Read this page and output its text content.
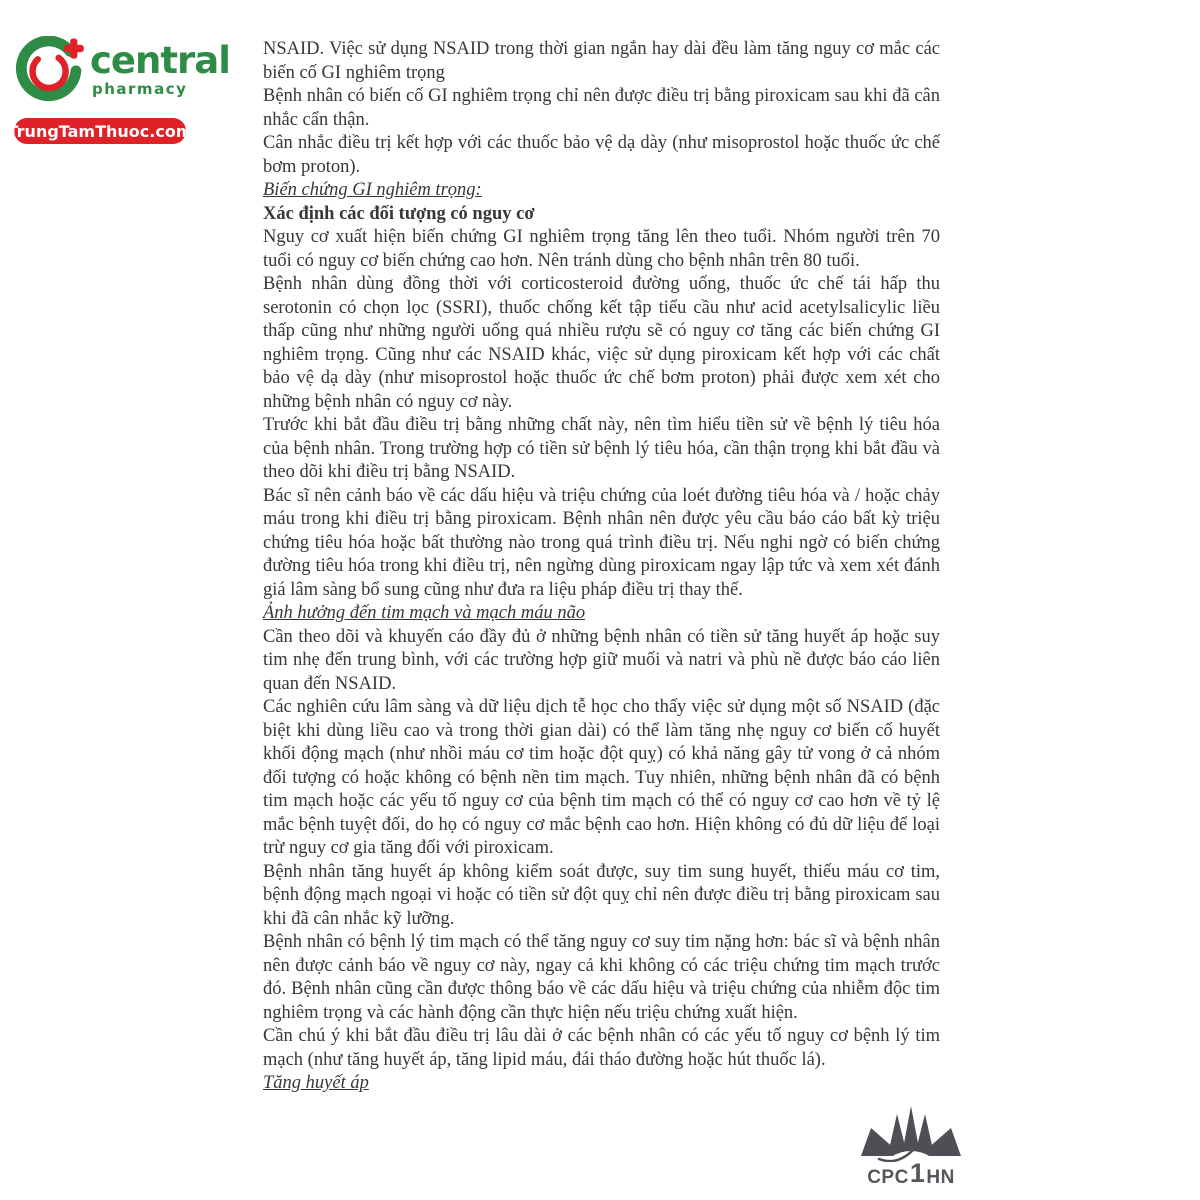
central
pharmacy
TrungTamThuoc.com

NSAID. Việc sử dụng NSAID trong thời gian ngắn hay dài đều làm tăng nguy cơ mắc các biến cố GI nghiêm trọng

Bệnh nhân có biến cố GI nghiêm trọng chỉ nên được điều trị bằng piroxicam sau khi đã cân nhắc cẩn thận.

Cân nhắc điều trị kết hợp với các thuốc bảo vệ dạ dày (như misoprostol hoặc thuốc ức chế bơm proton).

Biến chứng GI nghiêm trọng:

Xác định các đối tượng có nguy cơ

Nguy cơ xuất hiện biến chứng GI nghiêm trọng tăng lên theo tuổi. Nhóm người trên 70 tuổi có nguy cơ biến chứng cao hơn. Nên tránh dùng cho bệnh nhân trên 80 tuổi.

Bệnh nhân dùng đồng thời với corticosteroid đường uống, thuốc ức chế tái hấp thu serotonin có chọn lọc (SSRI), thuốc chống kết tập tiểu cầu như acid acetylsalicylic liều thấp cũng như những người uống quá nhiều rượu sẽ có nguy cơ tăng các biến chứng GI nghiêm trọng. Cũng như các NSAID khác, việc sử dụng piroxicam kết hợp với các chất bảo vệ dạ dày (như misoprostol hoặc thuốc ức chế bơm proton) phải được xem xét cho những bệnh nhân có nguy cơ này.

Trước khi bắt đầu điều trị bằng những chất này, nên tìm hiểu tiền sử về bệnh lý tiêu hóa của bệnh nhân. Trong trường hợp có tiền sử bệnh lý tiêu hóa, cần thận trọng khi bắt đầu và theo dõi khi điều trị bằng NSAID.

Bác sĩ nên cảnh báo về các dấu hiệu và triệu chứng của loét đường tiêu hóa và / hoặc chảy máu trong khi điều trị bằng piroxicam. Bệnh nhân nên được yêu cầu báo cáo bất kỳ triệu chứng tiêu hóa hoặc bất thường nào trong quá trình điều trị. Nếu nghi ngờ có biến chứng đường tiêu hóa trong khi điều trị, nên ngừng dùng piroxicam ngay lập tức và xem xét đánh giá lâm sàng bổ sung cũng như đưa ra liệu pháp điều trị thay thế.

Ảnh hưởng đến tim mạch và mạch máu não

Cần theo dõi và khuyến cáo đầy đủ ở những bệnh nhân có tiền sử tăng huyết áp hoặc suy tim nhẹ đến trung bình, với các trường hợp giữ muối và natri và phù nề được báo cáo liên quan đến NSAID.

Các nghiên cứu lâm sàng và dữ liệu dịch tễ học cho thấy việc sử dụng một số NSAID (đặc biệt khi dùng liều cao và trong thời gian dài) có thể làm tăng nhẹ nguy cơ biến cố huyết khối động mạch (như nhồi máu cơ tim hoặc đột quỵ) có khả năng gây tử vong ở cả nhóm đối tượng có hoặc không có bệnh nền tim mạch. Tuy nhiên, những bệnh nhân đã có bệnh tim mạch hoặc các yếu tố nguy cơ của bệnh tim mạch có thể có nguy cơ cao hơn về tỷ lệ mắc bệnh tuyệt đối, do họ có nguy cơ mắc bệnh cao hơn. Hiện không có đủ dữ liệu để loại trừ nguy cơ gia tăng đối với piroxicam.

Bệnh nhân tăng huyết áp không kiểm soát được, suy tim sung huyết, thiếu máu cơ tim, bệnh động mạch ngoại vi hoặc có tiền sử đột quỵ chỉ nên được điều trị bằng piroxicam sau khi đã cân nhắc kỹ lưỡng.

Bệnh nhân có bệnh lý tim mạch có thể tăng nguy cơ suy tim nặng hơn: bác sĩ và bệnh nhân nên được cảnh báo về nguy cơ này, ngay cả khi không có các triệu chứng tim mạch trước đó. Bệnh nhân cũng cần được thông báo về các dấu hiệu và triệu chứng của nhiễm độc tim nghiêm trọng và các hành động cần thực hiện nếu triệu chứng xuất hiện.

Cần chú ý khi bắt đầu điều trị lâu dài ở các bệnh nhân có các yếu tố nguy cơ bệnh lý tim mạch (như tăng huyết áp, tăng lipid máu, đái tháo đường hoặc hút thuốc lá).

Tăng huyết áp

CPC 1 HN
